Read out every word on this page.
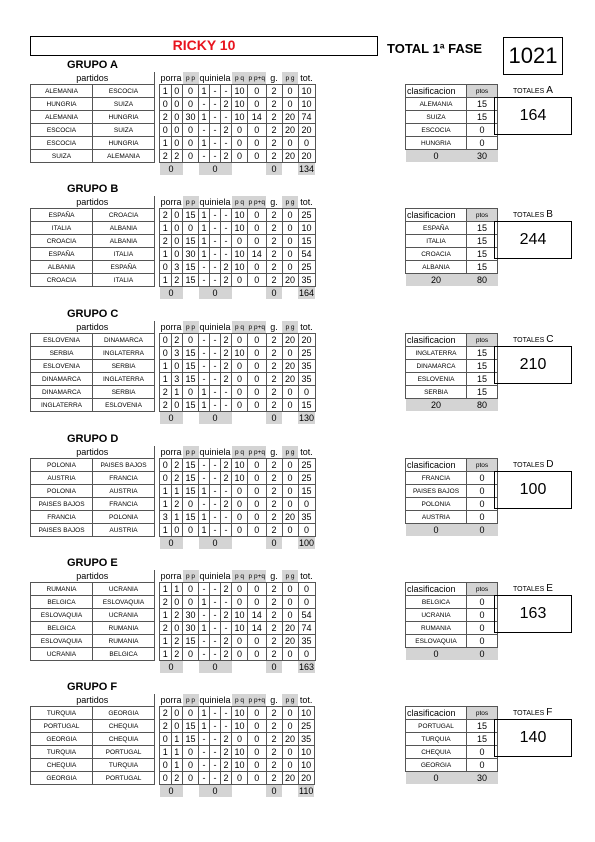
RICKY 10	TOTAL 1ª FASE 1021
GRUPO A
partidos			porra		p p	quiniela			p q	p p+q	g.	p g	tot.
ALEMANIA	ESCOCIA		1	0	0	1	-	-	10	0	2	0	10
HUNGRIA	SUIZA		0	0	0	-	-	2	10	0	2	0	10
ALEMANIA	HUNGRIA		2	0	30	1	-	-	10	14	2	20	74
ESCOCIA	SUIZA		0	0	0	-	-	2	0	0	2	20	20
ESCOCIA	HUNGRIA		1	0	0	1	-	-	0	0	2	0	0
SUIZA	ALEMANIA		2	2	0	-	-	2	0	0	2	20	20
			0			0					0		134
clasificacion	ptos
ALEMANIA	15
SUIZA	15
ESCOCIA	0
HUNGRIA	0
0	30
TOTALES A
164
GRUPO B
partidos			porra		p p	quiniela			p q	p p+q	g.	p g	tot.
ESPAÑA	CROACIA		2	0	15	1	-	-	10	0	2	0	25
ITALIA	ALBANIA		1	0	0	1	-	-	10	0	2	0	10
CROACIA	ALBANIA		2	0	15	1	-	-	0	0	2	0	15
ESPAÑA	ITALIA		1	0	30	1	-	-	10	14	2	0	54
ALBANIA	ESPAÑA		0	3	15	-	-	2	10	0	2	0	25
CROACIA	ITALIA		1	2	15	-	-	2	0	0	2	20	35
			0			0					0		164
clasificacion	ptos
ESPAÑA	15
ITALIA	15
CROACIA	15
ALBANIA	15
20	80
TOTALES B
244
GRUPO C
partidos			porra		p p	quiniela			p q	p p+q	g.	p g	tot.
ESLOVENIA	DINAMARCA		0	2	0	-	-	2	0	0	2	20	20
SERBIA	INGLATERRA		0	3	15	-	-	2	10	0	2	0	25
ESLOVENIA	SERBIA		1	0	15	-	-	2	0	0	2	20	35
DINAMARCA	INGLATERRA		1	3	15	-	-	2	0	0	2	20	35
DINAMARCA	SERBIA		2	1	0	1	-	-	0	0	2	0	0
INGLATERRA	ESLOVENIA		2	0	15	1	-	-	0	0	2	0	15
			0			0					0		130
clasificacion	ptos
INGLATERRA	15
DINAMARCA	15
ESLOVENIA	15
SERBIA	15
20	80
TOTALES C
210
GRUPO D
partidos			porra		p p	quiniela			p q	p p+q	g.	p g	tot.
POLONIA	PAISES BAJOS		0	2	15	-	-	2	10	0	2	0	25
AUSTRIA	FRANCIA		0	2	15	-	-	2	10	0	2	0	25
POLONIA	AUSTRIA		1	1	15	1	-	-	0	0	2	0	15
PAISES BAJOS	FRANCIA		1	2	0	-	-	2	0	0	2	0	0
FRANCIA	POLONIA		3	1	15	1	-	-	0	0	2	20	35
PAISES BAJOS	AUSTRIA		1	0	0	1	-	-	0	0	2	0	0
			0			0					0		100
clasificacion	ptos
FRANCIA	0
PAISES BAJOS	0
POLONIA	0
AUSTRIA	0
0	0
TOTALES D
100
GRUPO E
partidos			porra		p p	quiniela			p q	p p+q	g.	p g	tot.
RUMANIA	UCRANIA		1	1	0	-	-	2	0	0	2	0	0
BELGICA	ESLOVAQUIA		2	0	0	1	-	-	0	0	2	0	0
ESLOVAQUIA	UCRANIA		1	2	30	-	-	2	10	14	2	0	54
BELGICA	RUMANIA		2	0	30	1	-	-	10	14	2	20	74
ESLOVAQUIA	RUMANIA		1	2	15	-	-	2	0	0	2	20	35
UCRANIA	BELGICA		1	2	0	-	-	2	0	0	2	0	0
			0			0					0		163
clasificacion	ptos
BELGICA	0
UCRANIA	0
RUMANIA	0
ESLOVAQUIA	0
0	0
TOTALES E
163
GRUPO F
partidos			porra		p p	quiniela			p q	p p+q	g.	p g	tot.
TURQUIA	GEORGIA		2	0	0	1	-	-	10	0	2	0	10
PORTUGAL	CHEQUIA		2	0	15	1	-	-	10	0	2	0	25
GEORGIA	CHEQUIA		0	1	15	-	-	2	0	0	2	20	35
TURQUIA	PORTUGAL		1	1	0	-	-	2	10	0	2	0	10
CHEQUIA	TURQUIA		0	1	0	-	-	2	10	0	2	0	10
GEORGIA	PORTUGAL		0	2	0	-	-	2	0	0	2	20	20
			0			0					0		110
clasificacion	ptos
PORTUGAL	15
TURQUIA	15
CHEQUIA	0
GEORGIA	0
0	30
TOTALES F
140
